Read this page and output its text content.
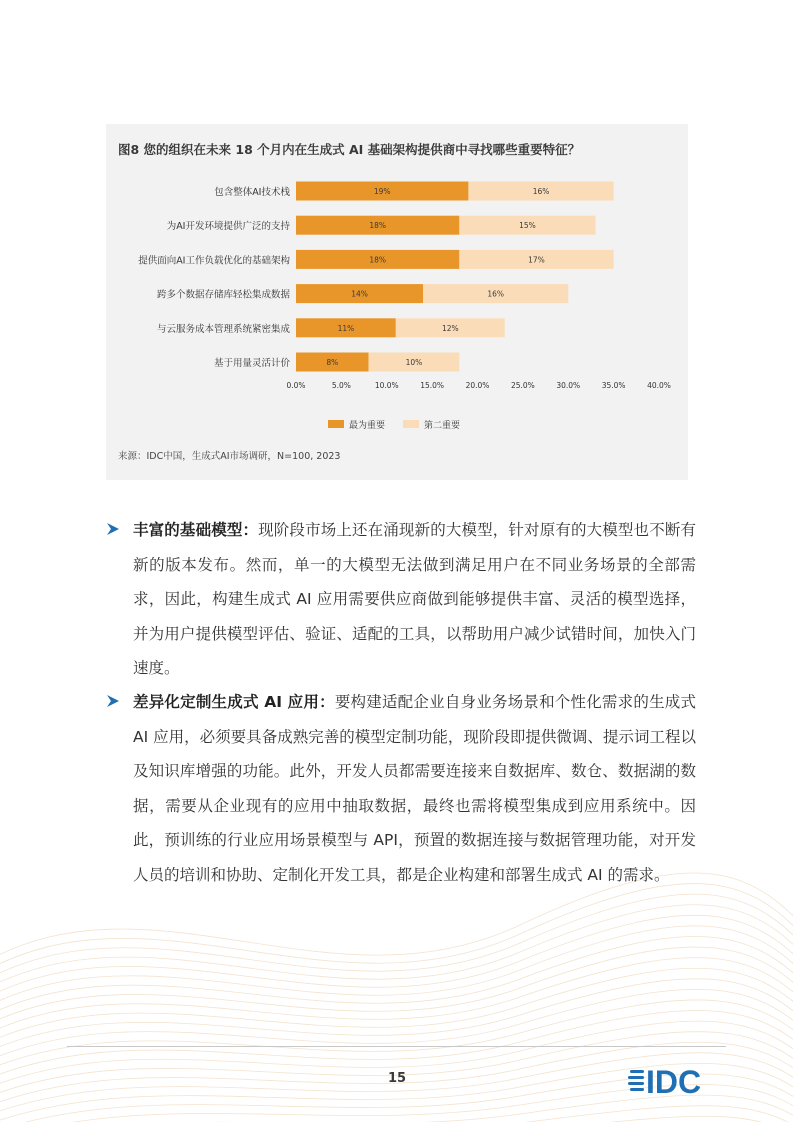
图8 您的组织在未来 18 个月内在生成式 AI 基础架构提供商中寻找哪些重要特征？
包含整体AI技术栈	19%	16%
为AI开发环境提供广泛的支持	18%	15%
提供面向AI工作负载优化的基础架构	18%	17%
跨多个数据存储库轻松集成数据	14%	16%
与云服务成本管理系统紧密集成	11%	12%
基于用量灵活计价	8%	10%
0.0%	5.0%	10.0%	15.0%	20.0%	25.0%	30.0%	35.0%	40.0%
最为重要	第二重要
来源：IDC中国，生成式AI市场调研，N=100, 2023
丰富的基础模型：现阶段市场上还在涌现新的大模型，针对原有的大模型也不断有新的版本发布。然而，单一的大模型无法做到满足用户在不同业务场景的全部需求，因此，构建生成式 AI 应用需要供应商做到能够提供丰富、灵活的模型选择，并为用户提供模型评估、验证、适配的工具，以帮助用户减少试错时间，加快入门速度。
差异化定制生成式 AI 应用：要构建适配企业自身业务场景和个性化需求的生成式 AI 应用，必须要具备成熟完善的模型定制功能，现阶段即提供微调、提示词工程以及知识库增强的功能。此外，开发人员都需要连接来自数据库、数仓、数据湖的数据，需要从企业现有的应用中抽取数据，最终也需将模型集成到应用系统中。因此，预训练的行业应用场景模型与 API，预置的数据连接与数据管理功能，对开发人员的培训和协助、定制化开发工具，都是企业构建和部署生成式 AI 的需求。
15	IDC
